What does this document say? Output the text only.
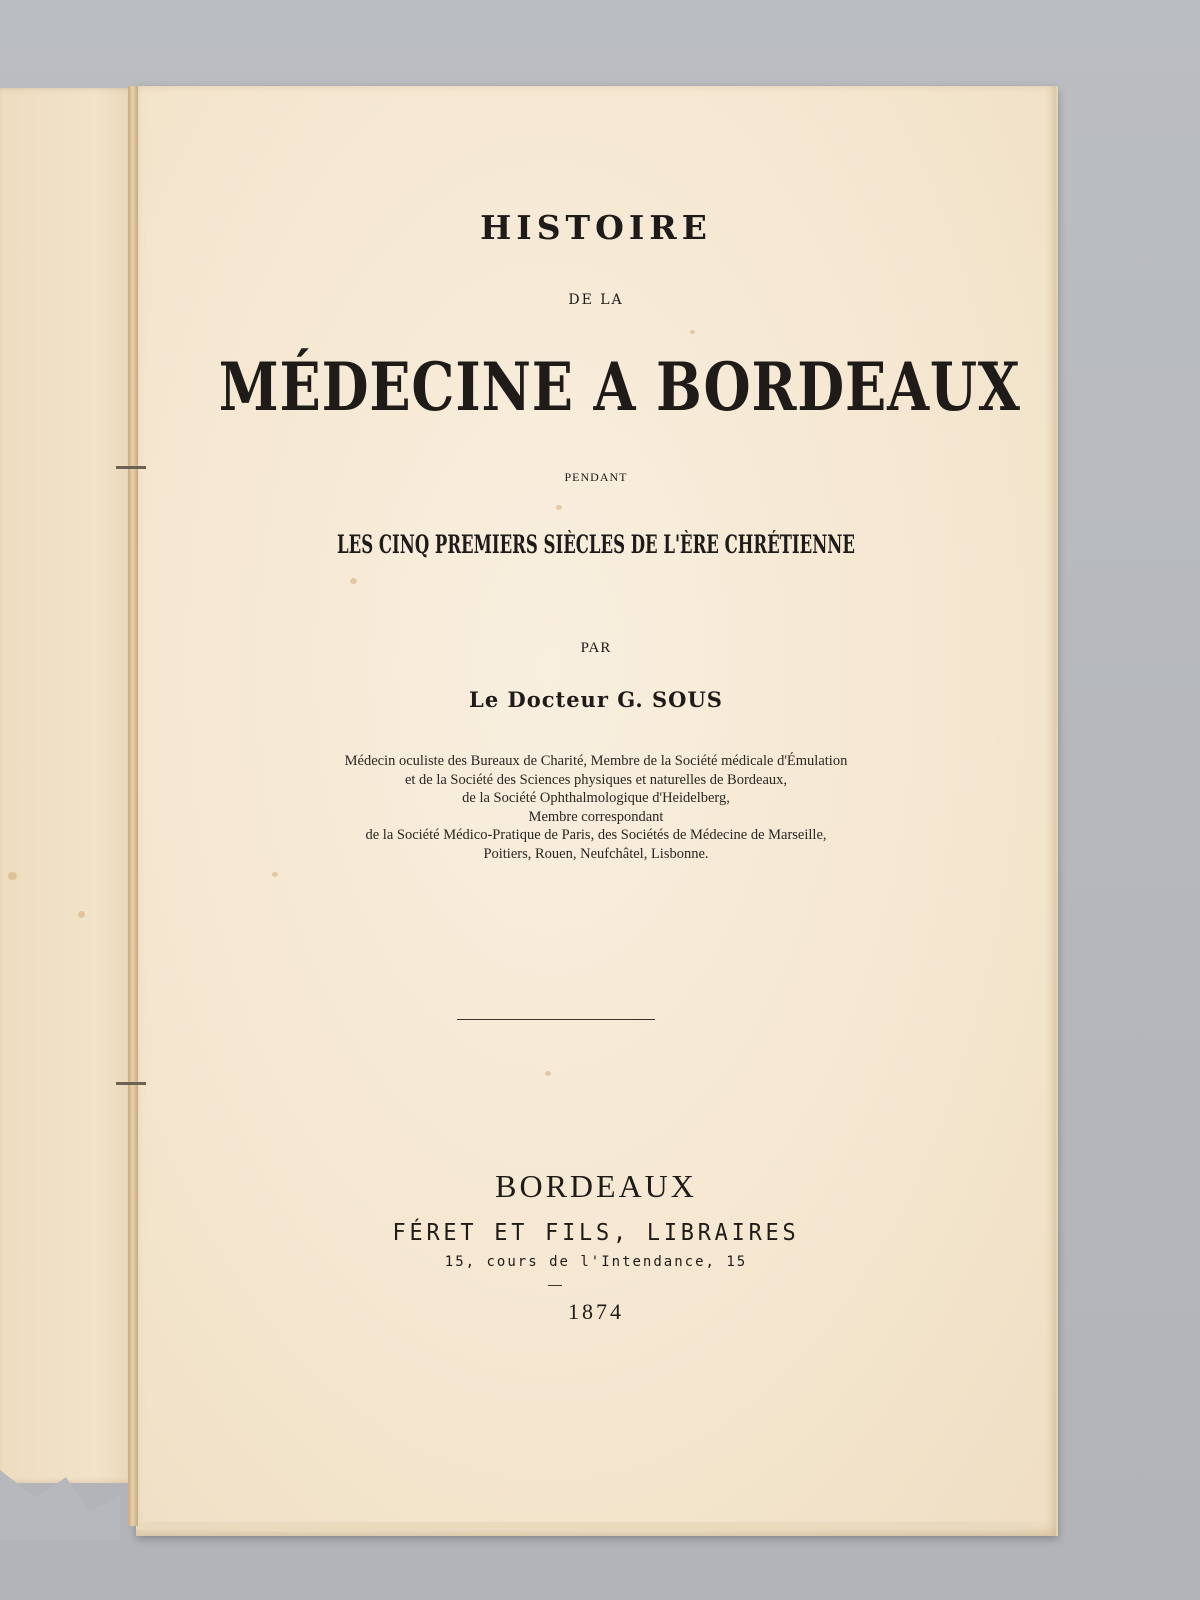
HISTOIRE
DE LA
MÉDECINE A BORDEAUX
PENDANT
LES CINQ PREMIERS SIÈCLES DE L'ÈRE CHRÉTIENNE
PAR
Le Docteur G. SOUS
Médecin oculiste des Bureaux de Charité, Membre de la Société médicale d'Émulation
et de la Société des Sciences physiques et naturelles de Bordeaux,
de la Société Ophthalmologique d'Heidelberg,
Membre correspondant
de la Société Médico-Pratique de Paris, des Sociétés de Médecine de Marseille,
Poitiers, Rouen, Neufchâtel, Lisbonne.
BORDEAUX
FÉRET ET FILS, LIBRAIRES
15, cours de l'Intendance, 15
1874
